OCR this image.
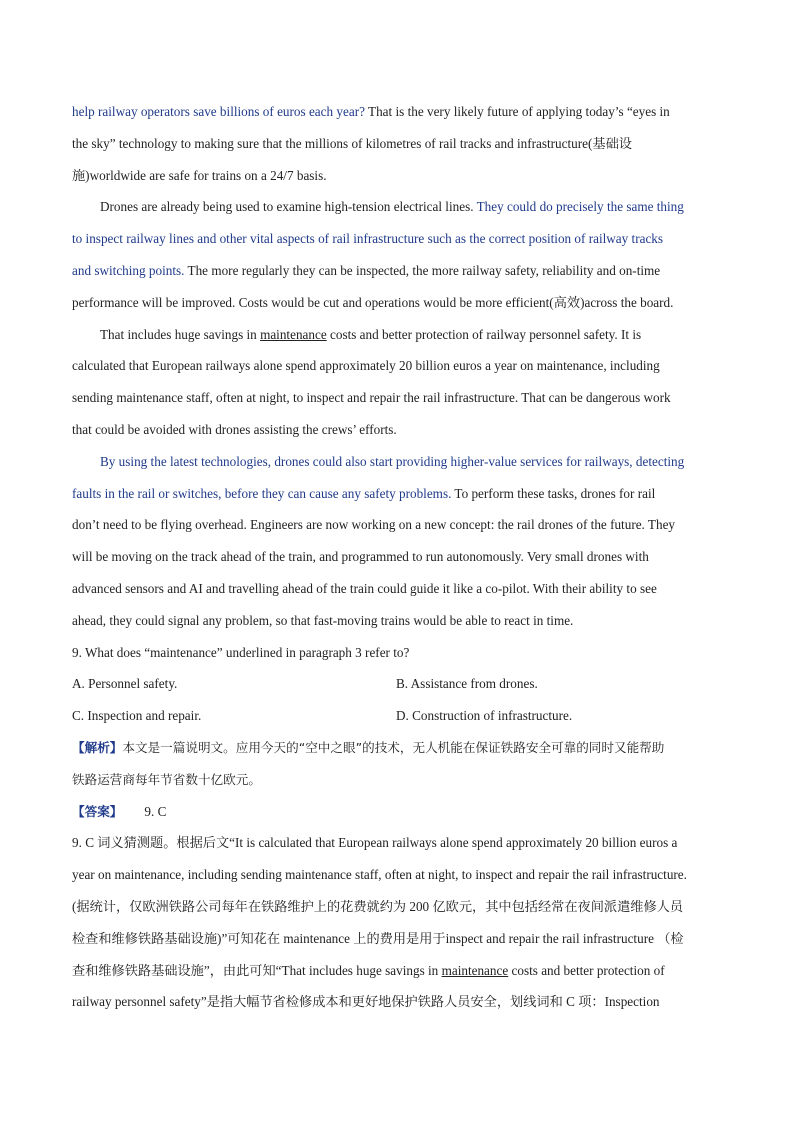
help railway operators save billions of euros each year? That is the very likely future of applying today’s “eyes in
the sky” technology to making sure that the millions of kilometres of rail tracks and infrastructure(基础设
施)worldwide are safe for trains on a 24/7 basis.
Drones are already being used to examine high-tension electrical lines. They could do precisely the same thing
to inspect railway lines and other vital aspects of rail infrastructure such as the correct position of railway tracks
and switching points. The more regularly they can be inspected, the more railway safety, reliability and on-time
performance will be improved. Costs would be cut and operations would be more efficient(高效)across the board.
That includes huge savings in maintenance costs and better protection of railway personnel safety. It is
calculated that European railways alone spend approximately 20 billion euros a year on maintenance, including
sending maintenance staff, often at night, to inspect and repair the rail infrastructure. That can be dangerous work
that could be avoided with drones assisting the crews’ efforts.
By using the latest technologies, drones could also start providing higher-value services for railways, detecting
faults in the rail or switches, before they can cause any safety problems. To perform these tasks, drones for rail
don’t need to be flying overhead. Engineers are now working on a new concept: the rail drones of the future. They
will be moving on the track ahead of the train, and programmed to run autonomously. Very small drones with
advanced sensors and AI and travelling ahead of the train could guide it like a co-pilot. With their ability to see
ahead, they could signal any problem, so that fast-moving trains would be able to react in time.
9. What does “maintenance” underlined in paragraph 3 refer to?
A. Personnel safety.	B. Assistance from drones.
C. Inspection and repair.	D. Construction of infrastructure.
【解析】本文是一篇说明文。应用今天的“空中之眼”的技术，无人机能在保证铁路安全可靠的同时又能帮助
铁路运营商每年节省数十亿欧元。
【答案】 9. C
9. C 词义猜测题。根据后文“It is calculated that European railways alone spend approximately 20 billion euros a
year on maintenance, including sending maintenance staff, often at night, to inspect and repair the rail infrastructure.
(据统计，仅欧洲铁路公司每年在铁路维护上的花费就约为 200 亿欧元，其中包括经常在夜间派遣维修人员
检查和维修铁路基础设施)”可知花在 maintenance 上的费用是用于inspect and repair the rail infrastructure （检
查和维修铁路基础设施”，由此可知“That includes huge savings in maintenance costs and better protection of
railway personnel safety”是指大幅节省检修成本和更好地保护铁路人员安全，划线词和 C 项：Inspection
